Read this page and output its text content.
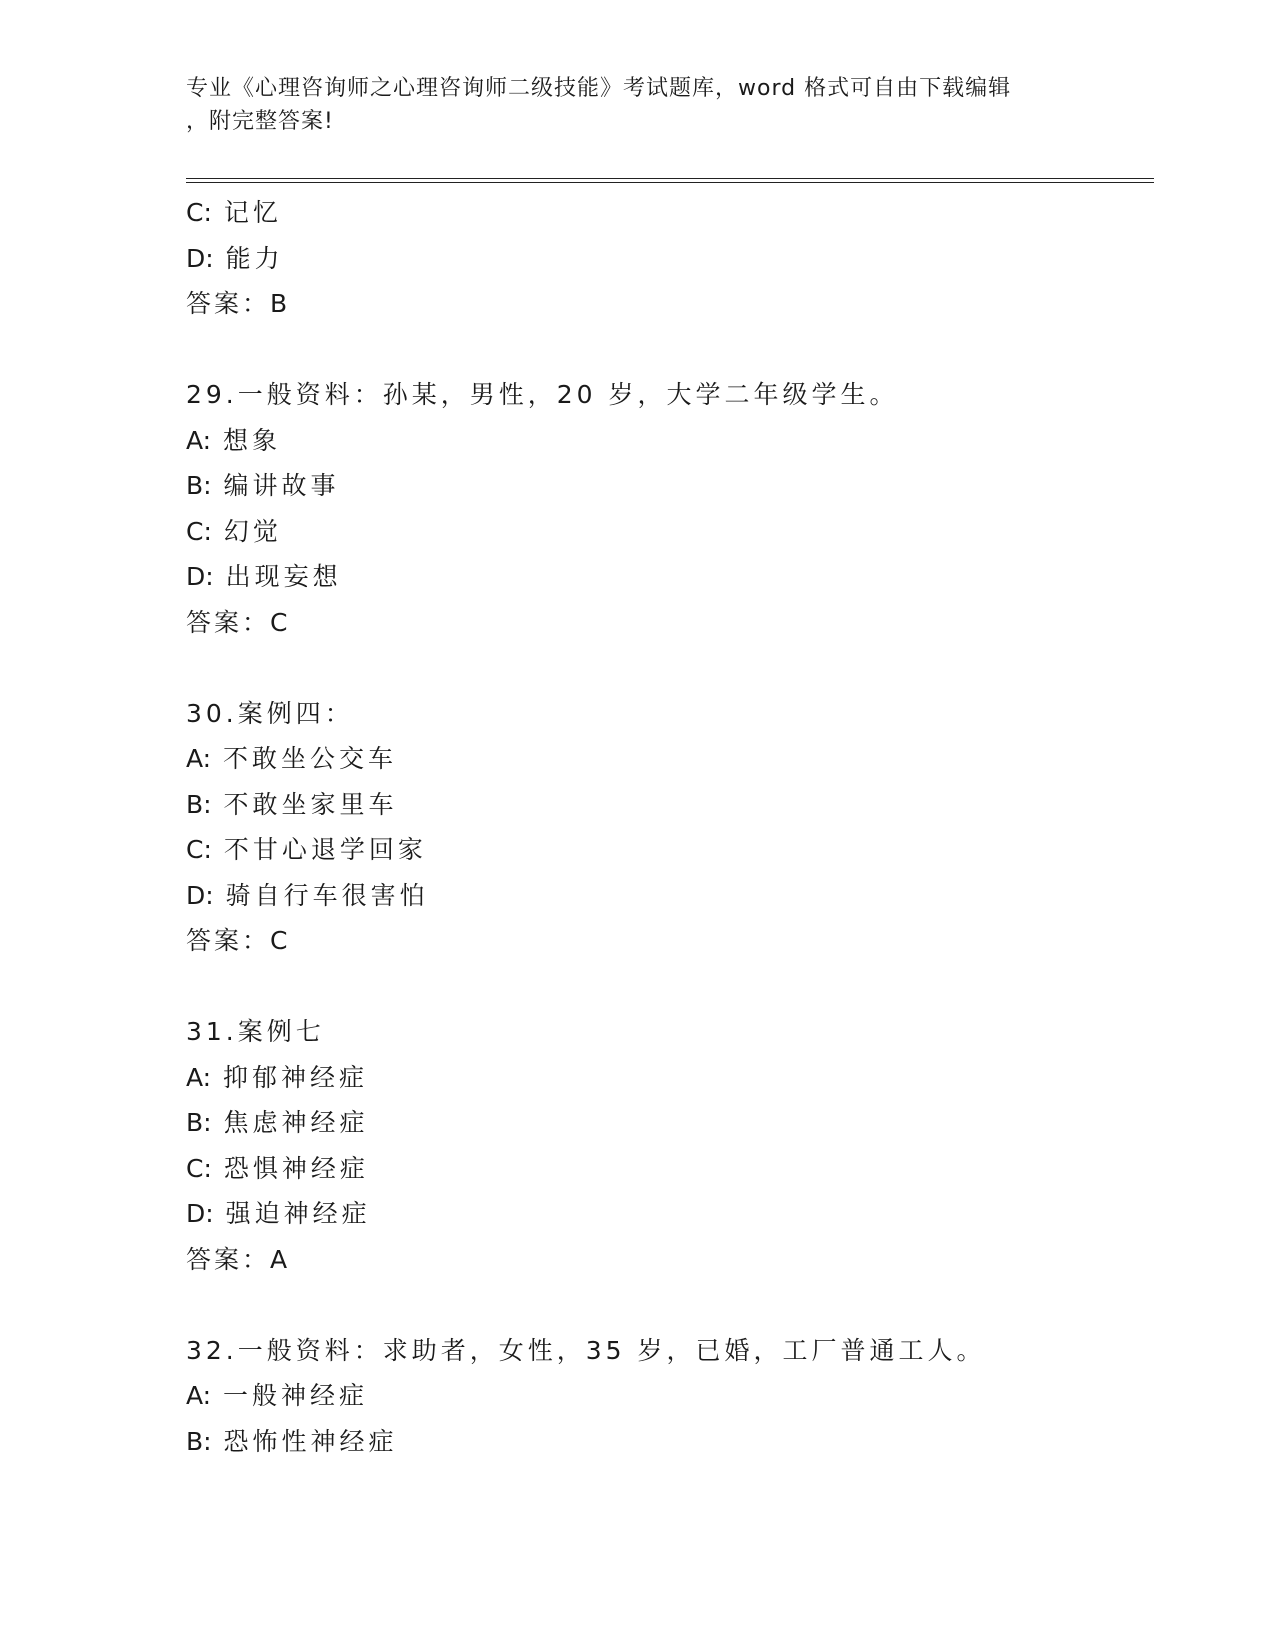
专业《心理咨询师之心理咨询师二级技能》考试题库，word 格式可自由下载编辑
，附完整答案!
C: 记忆
D: 能力
答案：B
29.一般资料：孙某，男性，20 岁，大学二年级学生。
A: 想象
B: 编讲故事
C: 幻觉
D: 出现妄想
答案：C
30.案例四：
A: 不敢坐公交车
B: 不敢坐家里车
C: 不甘心退学回家
D: 骑自行车很害怕
答案：C
31.案例七
A: 抑郁神经症
B: 焦虑神经症
C: 恐惧神经症
D: 强迫神经症
答案：A
32.一般资料：求助者，女性，35 岁，已婚，工厂普通工人。
A: 一般神经症
B: 恐怖性神经症
